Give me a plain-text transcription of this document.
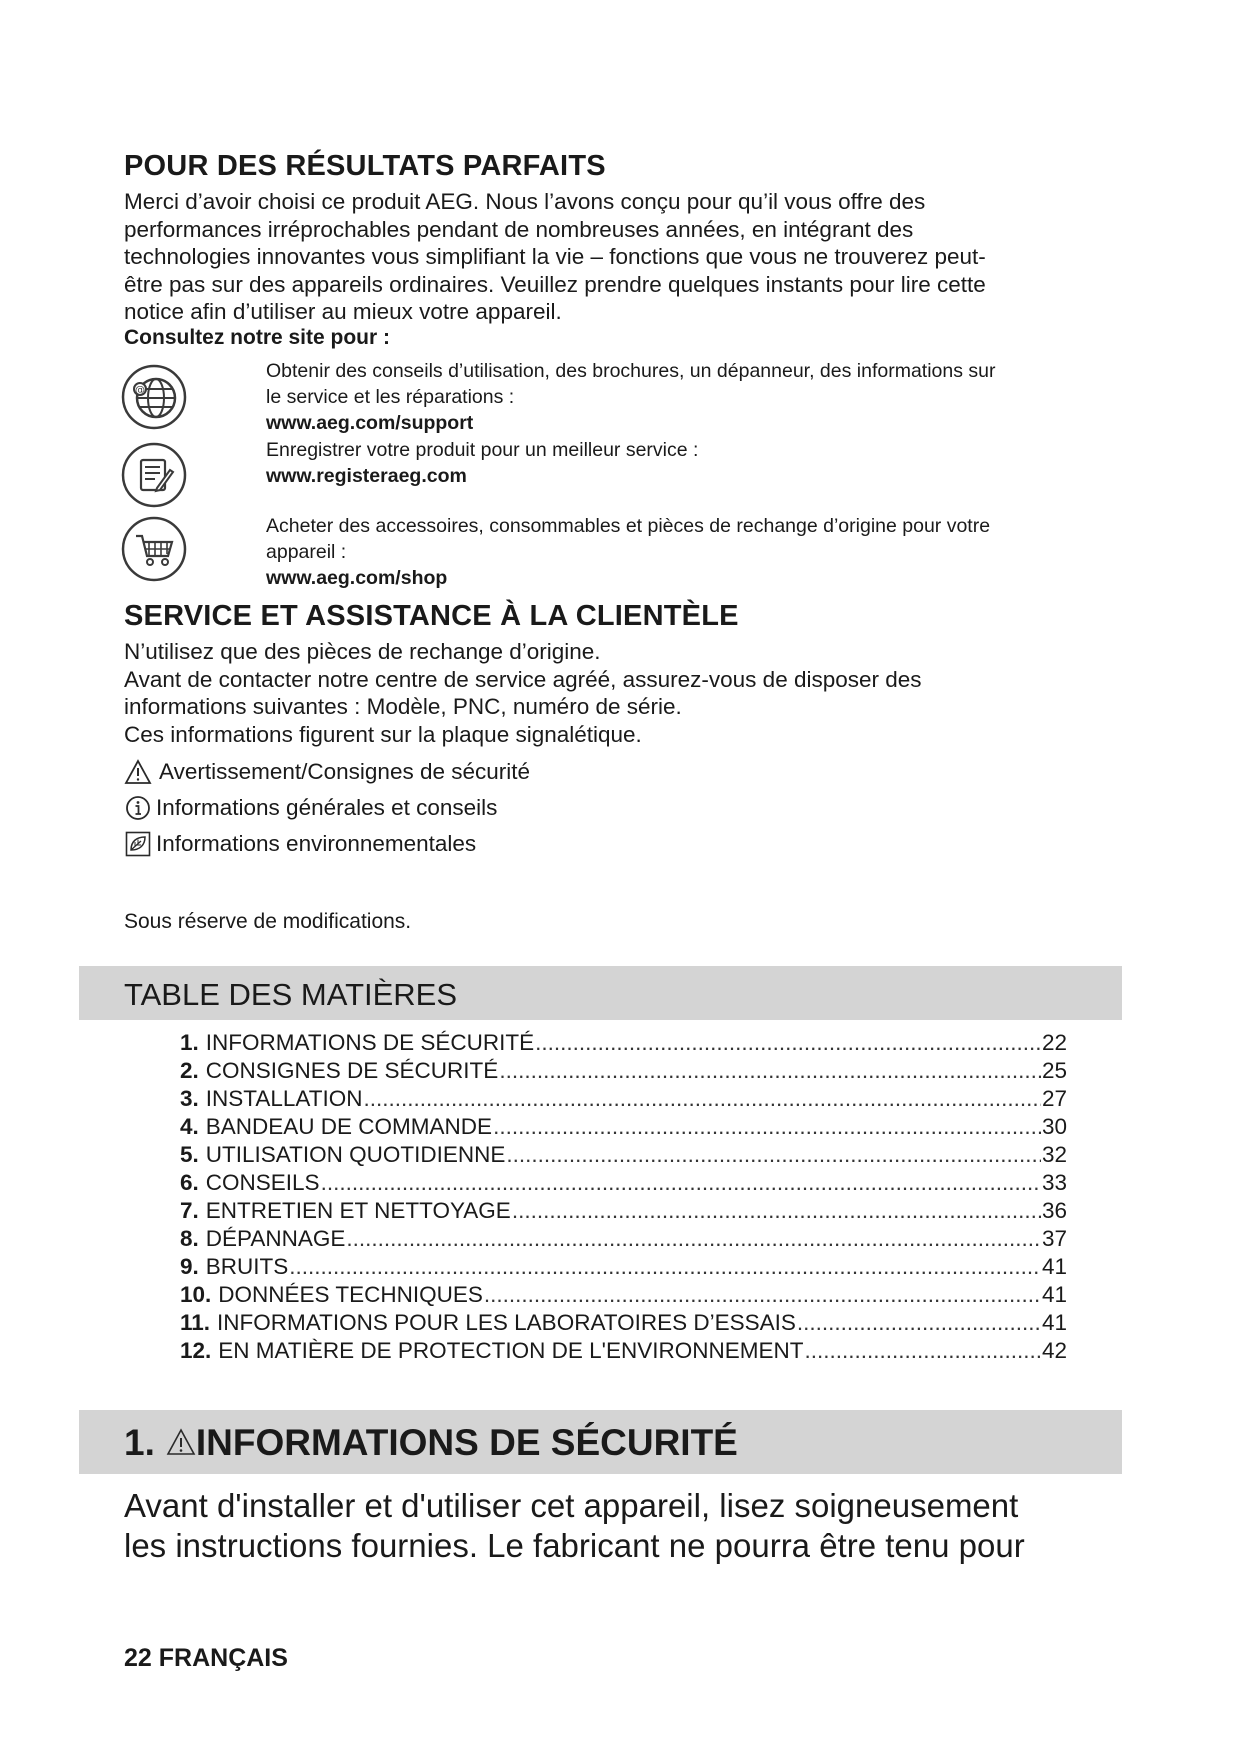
POUR DES RÉSULTATS PARFAITS
Merci d’avoir choisi ce produit AEG. Nous l’avons conçu pour qu’il vous offre des
performances irréprochables pendant de nombreuses années, en intégrant des
technologies innovantes vous simplifiant la vie – fonctions que vous ne trouverez peut-
être pas sur des appareils ordinaires. Veuillez prendre quelques instants pour lire cette
notice afin d’utiliser au mieux votre appareil.
Consultez notre site pour :
@
Obtenir des conseils d’utilisation, des brochures, un dépanneur, des informations sur
le service et les réparations :
www.aeg.com/support
Enregistrer votre produit pour un meilleur service :
www.registeraeg.com
Acheter des accessoires, consommables et pièces de rechange d’origine pour votre
appareil :
www.aeg.com/shop
SERVICE ET ASSISTANCE À LA CLIENTÈLE
N’utilisez que des pièces de rechange d’origine.
Avant de contacter notre centre de service agréé, assurez-vous de disposer des
informations suivantes : Modèle, PNC, numéro de série.
Ces informations figurent sur la plaque signalétique.
Avertissement/Consignes de sécurité
Informations générales et conseils
Informations environnementales
Sous réserve de modifications.
TABLE DES MATIÈRES
1. INFORMATIONS DE SÉCURITÉ .....	22
2. CONSIGNES DE SÉCURITÉ .....	25
3. INSTALLATION .....	27
4. BANDEAU DE COMMANDE .....	30
5. UTILISATION QUOTIDIENNE .....	32
6. CONSEILS .....	33
7. ENTRETIEN ET NETTOYAGE .....	36
8. DÉPANNAGE .....	37
9. BRUITS .....	41
10. DONNÉES TECHNIQUES .....	41
11. INFORMATIONS POUR LES LABORATOIRES D’ESSAIS .....	41
12. EN MATIÈRE DE PROTECTION DE L'ENVIRONNEMENT .....	42
1. INFORMATIONS DE SÉCURITÉ
Avant d'installer et d'utiliser cet appareil, lisez soigneusement
les instructions fournies. Le fabricant ne pourra être tenu pour
22 FRANÇAIS
